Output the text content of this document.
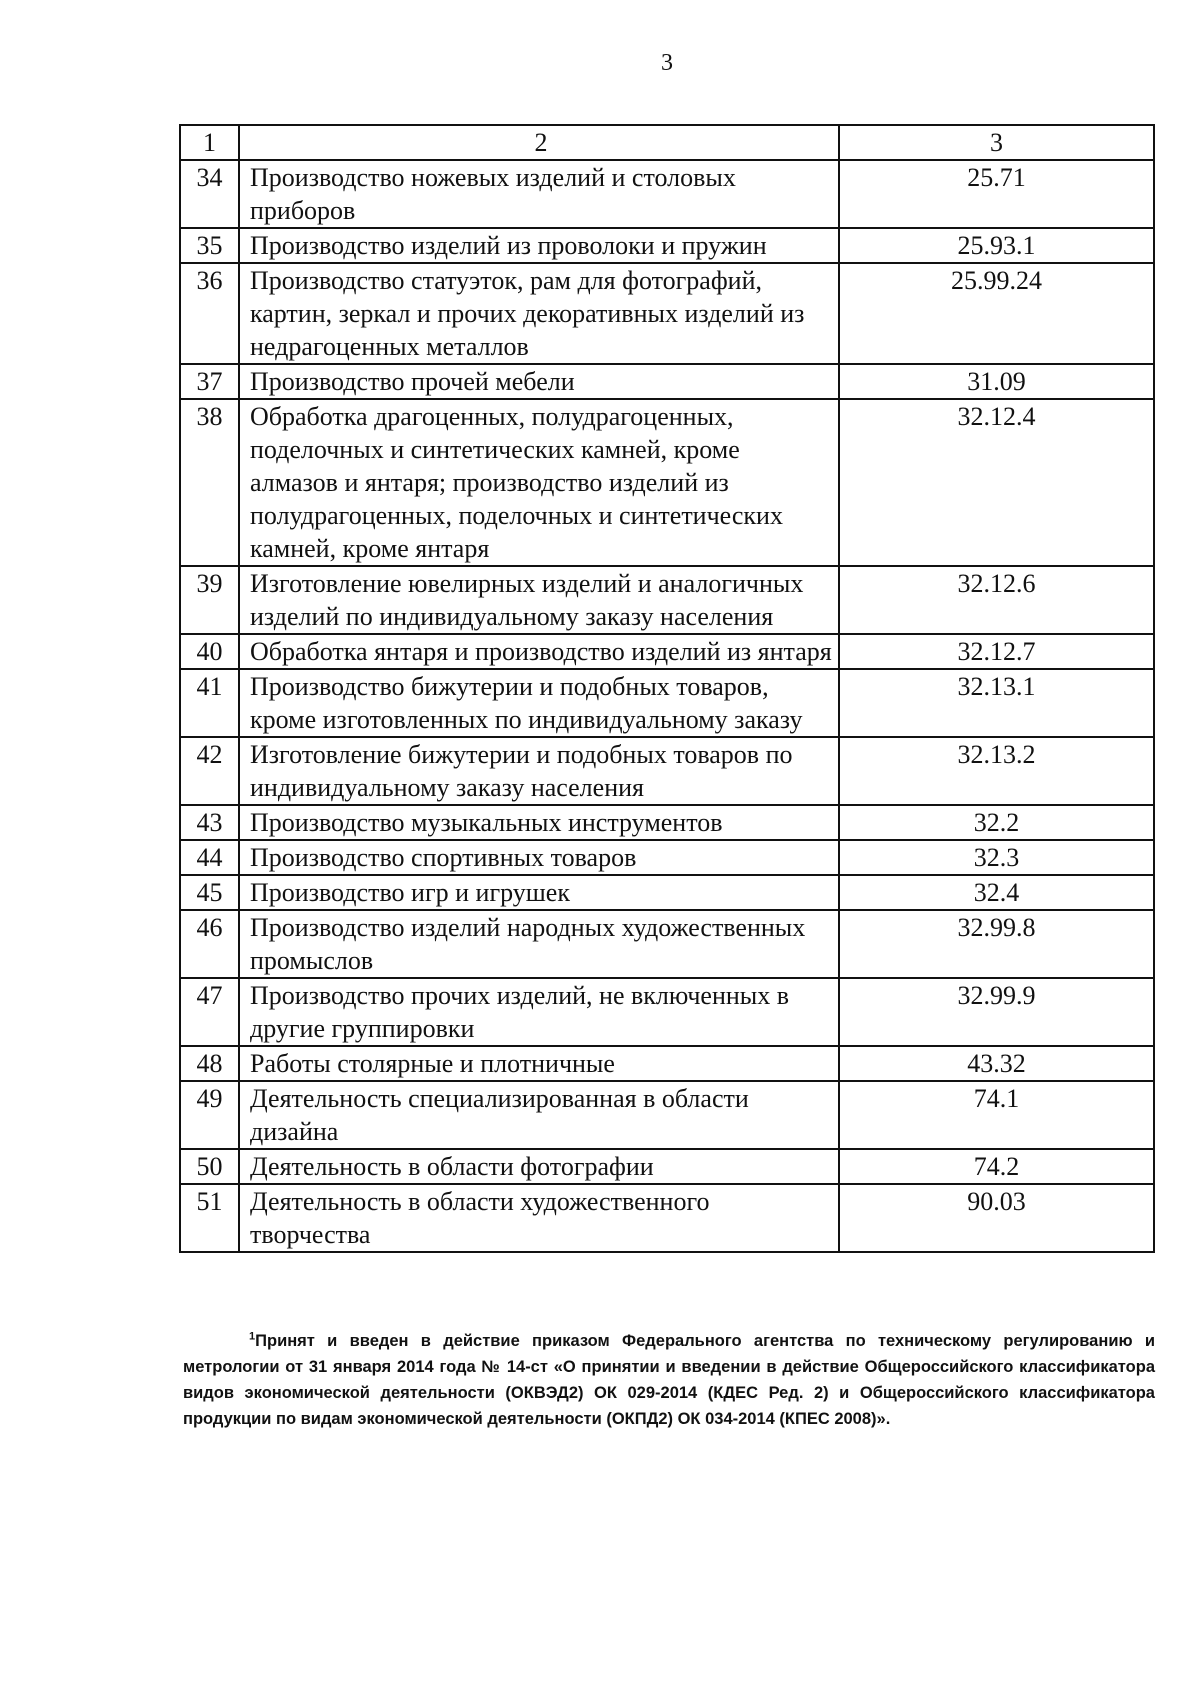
3
1	2	3
34	Производство ножевых изделий и столовых приборов	25.71
35	Производство изделий из проволоки и пружин	25.93.1
36	Производство статуэток, рам для фотографий, картин, зеркал и прочих декоративных изделий из недрагоценных металлов	25.99.24
37	Производство прочей мебели	31.09
38	Обработка драгоценных, полудрагоценных, поделочных и синтетических камней, кроме алмазов и янтаря; производство изделий из полудрагоценных, поделочных и синтетических камней, кроме янтаря	32.12.4
39	Изготовление ювелирных изделий и аналогичных изделий по индивидуальному заказу населения	32.12.6
40	Обработка янтаря и производство изделий из янтаря	32.12.7
41	Производство бижутерии и подобных товаров, кроме изготовленных по индивидуальному заказу	32.13.1
42	Изготовление бижутерии и подобных товаров по индивидуальному заказу населения	32.13.2
43	Производство музыкальных инструментов	32.2
44	Производство спортивных товаров	32.3
45	Производство игр и игрушек	32.4
46	Производство изделий народных художественных промыслов	32.99.8
47	Производство прочих изделий, не включенных в другие группировки	32.99.9
48	Работы столярные и плотничные	43.32
49	Деятельность специализированная в области дизайна	74.1
50	Деятельность в области фотографии	74.2
51	Деятельность в области художественного творчества	90.03
$^1$Принят и введен в действие приказом Федерального агентства по техническому регулированию и метрологии от 31 января 2014 года № 14-ст «О принятии и введении в действие Общероссийского классификатора видов экономической деятельности (ОКВЭД2) ОК 029-2014 (КДЕС Ред. 2) и Общероссийского классификатора продукции по видам экономической деятельности (ОКПД2) ОК 034-2014 (КПЕС 2008)».
